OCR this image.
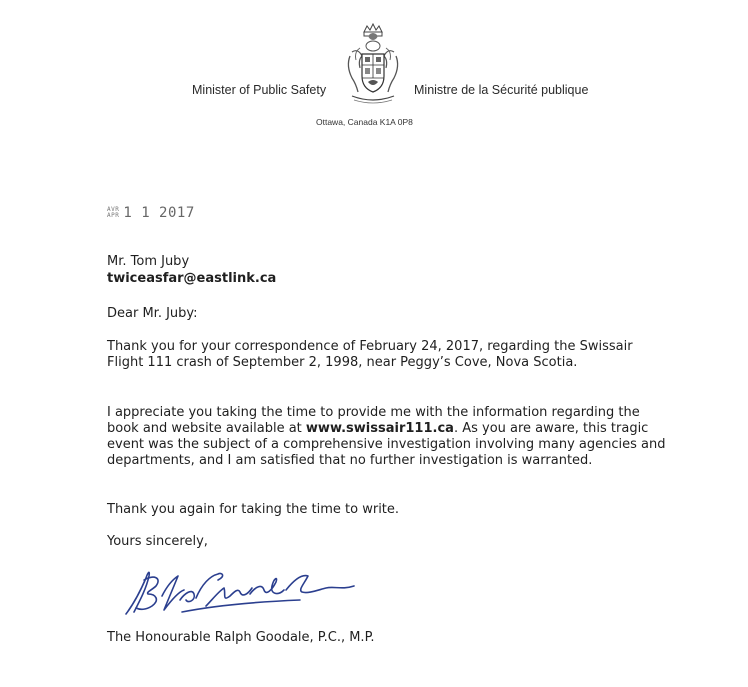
Minister of Public Safety	Ministre de la Sécurité publique
Ottawa, Canada K1A 0P8
AVR
APR 1 1 2017
Mr. Tom Juby
twiceasfar@eastlink.ca
Dear Mr. Juby:

Thank you for your correspondence of February 24, 2017, regarding the Swissair Flight 111 crash of September 2, 1998, near Peggy’s Cove, Nova Scotia.

I appreciate you taking the time to provide me with the information regarding the book and website available at www.swissair111.ca. As you are aware, this tragic event was the subject of a comprehensive investigation involving many agencies and departments, and I am satisfied that no further investigation is warranted.

Thank you again for taking the time to write.

Yours sincerely,
The Honourable Ralph Goodale, P.C., M.P.
